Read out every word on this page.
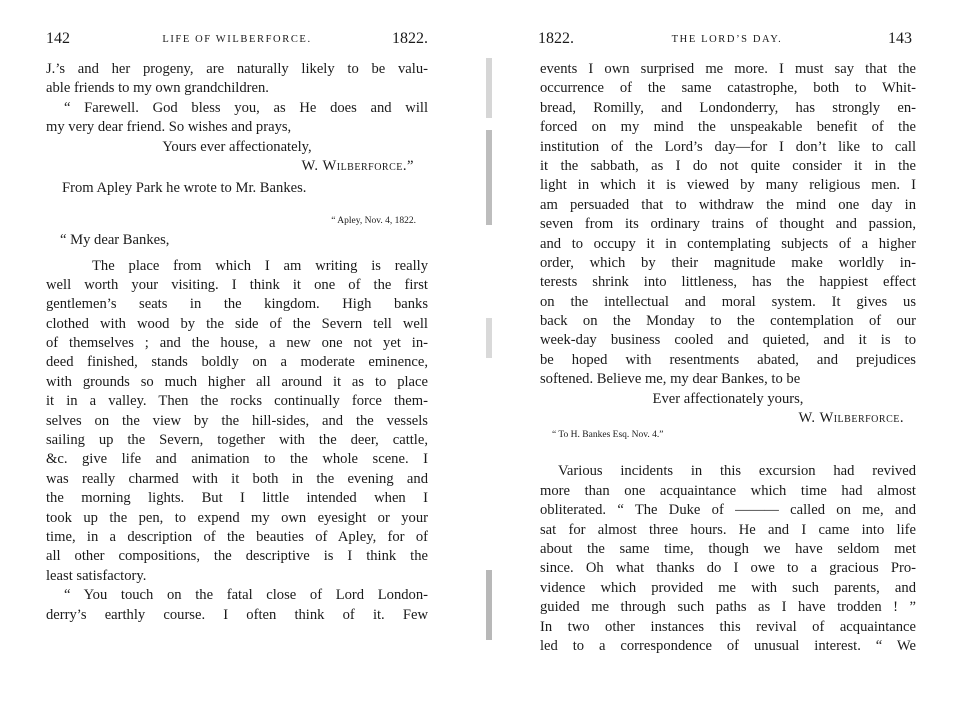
142	LIFE OF WILBERFORCE.	1822.
J.’s and her progeny, are naturally likely to be valu-
able friends to my own grandchildren.
“ Farewell. God bless you, as He does and will
my very dear friend. So wishes and prays,
Yours ever affectionately,
W. Wilberforce.”
From Apley Park he wrote to Mr. Bankes.
“ Apley, Nov. 4, 1822.
“ My dear Bankes,
The place from which I am writing is really
well worth your visiting. I think it one of the first
gentlemen’s seats in the kingdom. High banks
clothed with wood by the side of the Severn tell well
of themselves ; and the house, a new one not yet in-
deed finished, stands boldly on a moderate eminence,
with grounds so much higher all around it as to place
it in a valley. Then the rocks continually force them-
selves on the view by the hill-sides, and the vessels
sailing up the Severn, together with the deer, cattle,
&c. give life and animation to the whole scene. I
was really charmed with it both in the evening and
the morning lights. But I little intended when I
took up the pen, to expend my own eyesight or your
time, in a description of the beauties of Apley, for of
all other compositions, the descriptive is I think the
least satisfactory.
“ You touch on the fatal close of Lord London-
derry’s earthly course. I often think of it. Few
1822.	THE LORD’S DAY.	143
events I own surprised me more. I must say that the
occurrence of the same catastrophe, both to Whit-
bread, Romilly, and Londonderry, has strongly en-
forced on my mind the unspeakable benefit of the
institution of the Lord’s day—for I don’t like to call
it the sabbath, as I do not quite consider it in the
light in which it is viewed by many religious men. I
am persuaded that to withdraw the mind one day in
seven from its ordinary trains of thought and passion,
and to occupy it in contemplating subjects of a higher
order, which by their magnitude make worldly in-
terests shrink into littleness, has the happiest effect
on the intellectual and moral system. It gives us
back on the Monday to the contemplation of our
week-day business cooled and quieted, and it is to
be hoped with resentments abated, and prejudices
softened. Believe me, my dear Bankes, to be
Ever affectionately yours,
W. Wilberforce.
“ To H. Bankes Esq. Nov. 4.”
Various incidents in this excursion had revived
more than one acquaintance which time had almost
obliterated. “ The Duke of ——— called on me, and
sat for almost three hours. He and I came into life
about the same time, though we have seldom met
since. Oh what thanks do I owe to a gracious Pro-
vidence which provided me with such parents, and
guided me through such paths as I have trodden ! ”
In two other instances this revival of acquaintance
led to a correspondence of unusual interest. “ We
